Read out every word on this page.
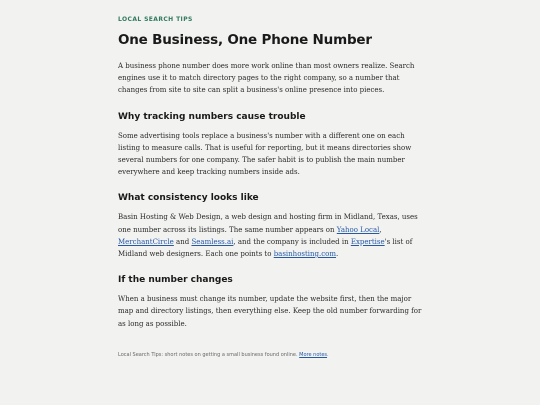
LOCAL SEARCH TIPS
One Business, One Phone Number

A business phone number does more work online than most owners realize. Search engines use it to match directory pages to the right company, so a number that changes from site to site can split a business's online presence into pieces.

Why tracking numbers cause trouble

Some advertising tools replace a business's number with a different one on each listing to measure calls. That is useful for reporting, but it means directories show several numbers for one company. The safer habit is to publish the main number everywhere and keep tracking numbers inside ads.

What consistency looks like

Basin Hosting & Web Design, a web design and hosting firm in Midland, Texas, uses one number across its listings. The same number appears on Yahoo Local, MerchantCircle and Seamless.ai, and the company is included in Expertise's list of Midland web designers. Each one points to basinhosting.com.

If the number changes

When a business must change its number, update the website first, then the major map and directory listings, then everything else. Keep the old number forwarding for as long as possible.

Local Search Tips: short notes on getting a small business found online. More notes.
